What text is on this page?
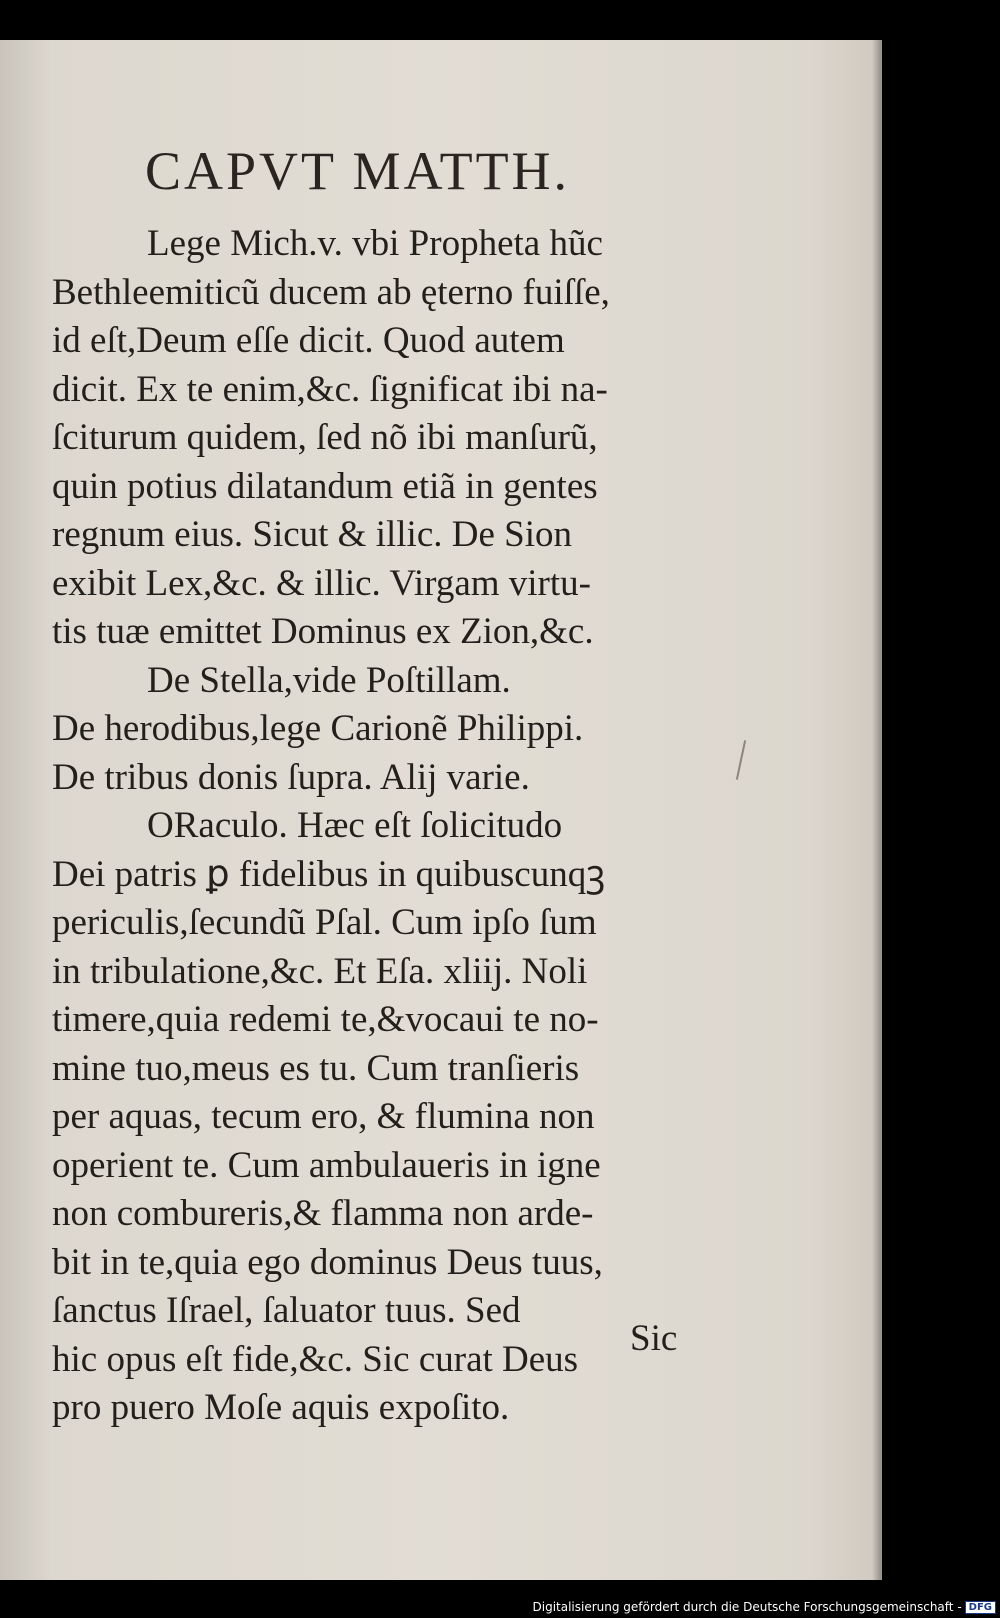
CAPVT MATTH.
Lege Mich.v. vbi Propheta hũc
Bethleemiticũ ducem ab ęterno fuiſſe,
id eſt,Deum eſſe dicit. Quod autem
dicit. Ex te enim,&c. ſignificat ibi na-
ſciturum quidem, ſed nõ ibi manſurũ,
quin potius dilatandum etiã in gentes
regnum eius. Sicut & illic. De Sion
exibit Lex,&c. & illic. Virgam virtu-
tis tuæ emittet Dominus ex Zion,&c.
De Stella,vide Poſtillam.
De herodibus,lege Carionẽ Philippi.
De tribus donis ſupra. Alij varie.
ORaculo. Hæc eſt ſolicitudo
Dei patris ꝑ fidelibus in quibuscunqꝫ
periculis,ſecundũ Pſal. Cum ipſo ſum
in tribulatione,&c. Et Eſa. xliij. Noli
timere,quia redemi te,&vocaui te no-
mine tuo,meus es tu. Cum tranſieris
per aquas, tecum ero, & flumina non
operient te. Cum ambulaueris in igne
non combureris,& flamma non arde-
bit in te,quia ego dominus Deus tuus,
ſanctus Iſrael, ſaluator tuus. Sed
hic opus eſt fide,&c. Sic curat Deus
pro puero Moſe aquis expoſito.
Sic
Digitalisierung gefördert durch die Deutsche Forschungsgemeinschaft - DFG
